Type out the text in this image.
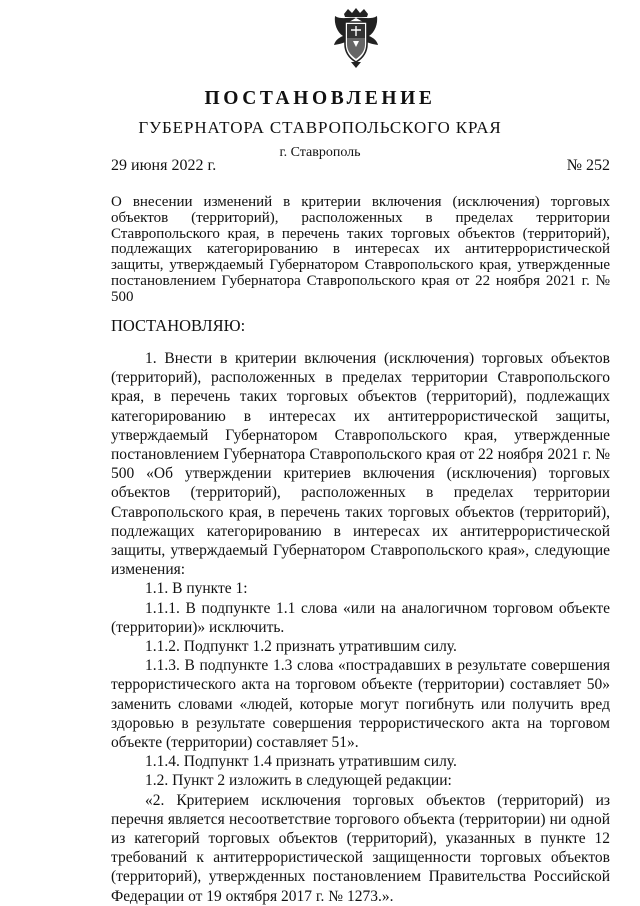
ПОСТАНОВЛЕНИЕ
ГУБЕРНАТОРА СТАВРОПОЛЬСКОГО КРАЯ
г. Ставрополь
29 июня 2022 г.	№ 252
О внесении изменений в критерии включения (исключения) торговых объектов (территорий), расположенных в пределах территории Ставропольского края, в перечень таких торговых объектов (территорий), подлежащих категорированию в интересах их антитеррористической защиты, утверждаемый Губернатором Ставропольского края, утвержденные постановлением Губернатора Ставропольского края от 22 ноября 2021 г. № 500
ПОСТАНОВЛЯЮ:

1. Внести в критерии включения (исключения) торговых объектов (территорий), расположенных в пределах территории Ставропольского края, в перечень таких торговых объектов (территорий), подлежащих категорированию в интересах их антитеррористической защиты, утверждаемый Губернатором Ставропольского края, утвержденные постановлением Губернатора Ставропольского края от 22 ноября 2021 г. № 500 «Об утверждении критериев включения (исключения) торговых объектов (территорий), расположенных в пределах территории Ставропольского края, в перечень таких торговых объектов (территорий), подлежащих категорированию в интересах их антитеррористической защиты, утверждаемый Губернатором Ставропольского края», следующие изменения:

1.1. В пункте 1:

1.1.1. В подпункте 1.1 слова «или на аналогичном торговом объекте (территории)» исключить.

1.1.2. Подпункт 1.2 признать утратившим силу.

1.1.3. В подпункте 1.3 слова «пострадавших в результате совершения террористического акта на торговом объекте (территории) составляет 50» заменить словами «людей, которые могут погибнуть или получить вред здоровью в результате совершения террористического акта на торговом объекте (территории) составляет 51».

1.1.4. Подпункт 1.4 признать утратившим силу.

1.2. Пункт 2 изложить в следующей редакции:

«2. Критерием исключения торговых объектов (территорий) из перечня является несоответствие торгового объекта (территории) ни одной из категорий торговых объектов (территорий), указанных в пункте 12 требований к антитеррористической защищенности торговых объектов (территорий), утвержденных постановлением Правительства Российской Федерации от 19 октября 2017 г. № 1273.».
